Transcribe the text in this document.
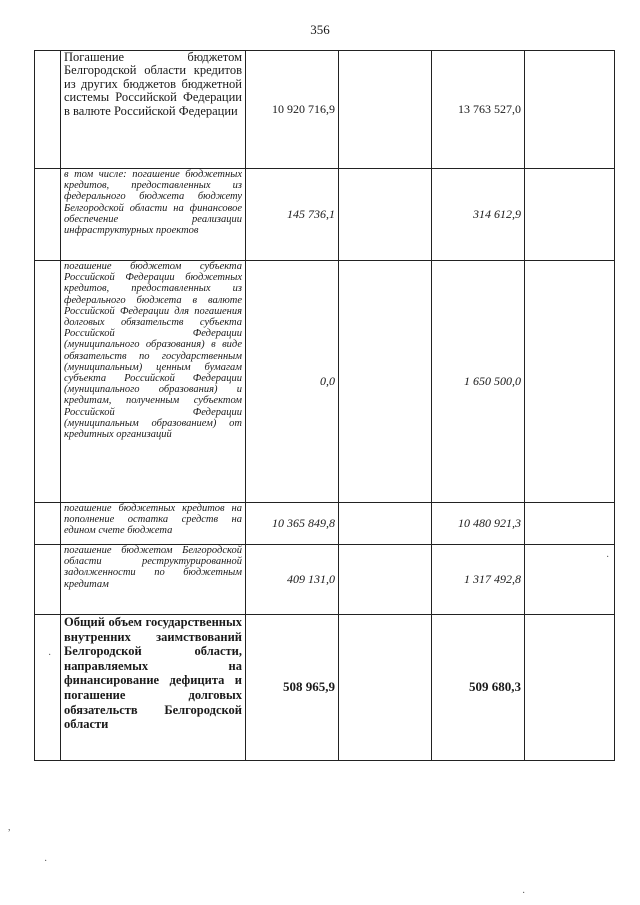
356
	Погашение бюджетом Белгородской области кредитов из других бюджетов бюджетной системы Российской Федерации в валюте Российской Федерации	10 920 716,9		13 763 527,0	
	в том числе: погашение бюджетных кредитов, предоставленных из федерального бюджета бюджету Белгородской области на финансовое обеспечение реализации инфраструктурных проектов	145 736,1		314 612,9	
	погашение бюджетом субъекта Российской Федерации бюджетных кредитов, предоставленных из федерального бюджета в валюте Российской Федерации для погашения долговых обязательств субъекта Российской Федерации (муниципального образования) в виде обязательств по государственным (муниципальным) ценным бумагам субъекта Российской Федерации (муниципального образования) и кредитам, полученным субъектом Российской Федерации (муниципальным образованием) от кредитных организаций	0,0		1 650 500,0	
	погашение бюджетных кредитов на пополнение остатка средств на едином счете бюджета	10 365 849,8		10 480 921,3	
	погашение бюджетом Белгородской области реструктурированной задолженности по бюджетным кредитам	409 131,0		1 317 492,8	
	Общий объем государственных внутренних заимствований Белгородской области, направляемых на финансирование дефицита и погашение долговых обязательств Белгородской области	508 965,9		509 680,3	
·
·
,
·
·
